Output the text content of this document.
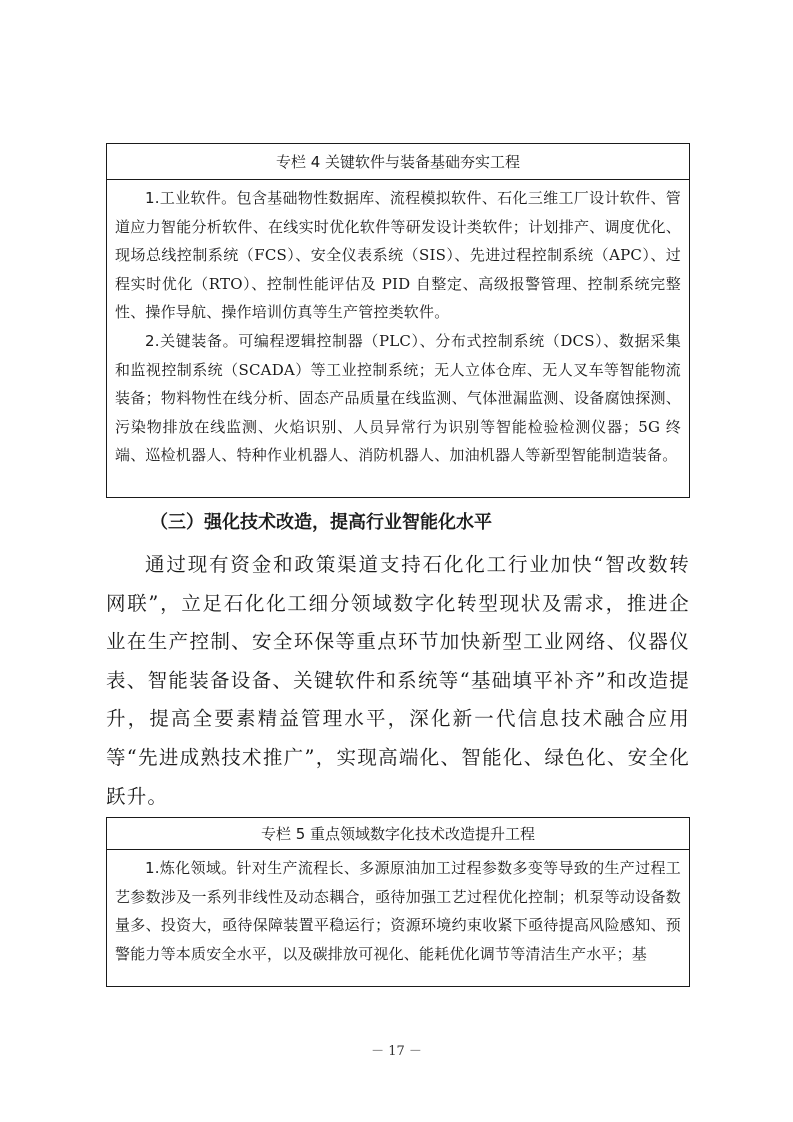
专栏 4 关键软件与装备基础夯实工程

1.工业软件。包含基础物性数据库、流程模拟软件、石化三维工厂设计软件、管道应力智能分析软件、在线实时优化软件等研发设计类软件；计划排产、调度优化、现场总线控制系统（FCS）、安全仪表系统（SIS）、先进过程控制系统（APC）、过程实时优化（RTO）、控制性能评估及 PID 自整定、高级报警管理、控制系统完整性、操作导航、操作培训仿真等生产管控类软件。

2.关键装备。可编程逻辑控制器（PLC）、分布式控制系统（DCS）、数据采集和监视控制系统（SCADA）等工业控制系统；无人立体仓库、无人叉车等智能物流装备；物料物性在线分析、固态产品质量在线监测、气体泄漏监测、设备腐蚀探测、污染物排放在线监测、火焰识别、人员异常行为识别等智能检验检测仪器；5G 终端、巡检机器人、特种作业机器人、消防机器人、加油机器人等新型智能制造装备。

（三）强化技术改造，提高行业智能化水平

通过现有资金和政策渠道支持石化化工行业加快“智改数转网联”，立足石化化工细分领域数字化转型现状及需求，推进企业在生产控制、安全环保等重点环节加快新型工业网络、仪器仪表、智能装备设备、关键软件和系统等“基础填平补齐”和改造提升，提高全要素精益管理水平，深化新一代信息技术融合应用等“先进成熟技术推广”，实现高端化、智能化、绿色化、安全化跃升。

专栏 5 重点领域数字化技术改造提升工程

1.炼化领域。针对生产流程长、多源原油加工过程参数多变等导致的生产过程工艺参数涉及一系列非线性及动态耦合，亟待加强工艺过程优化控制；机泵等动设备数量多、投资大，亟待保障装置平稳运行；资源环境约束收紧下亟待提高风险感知、预警能力等本质安全水平，以及碳排放可视化、能耗优化调节等清洁生产水平；基

－ 17 －
